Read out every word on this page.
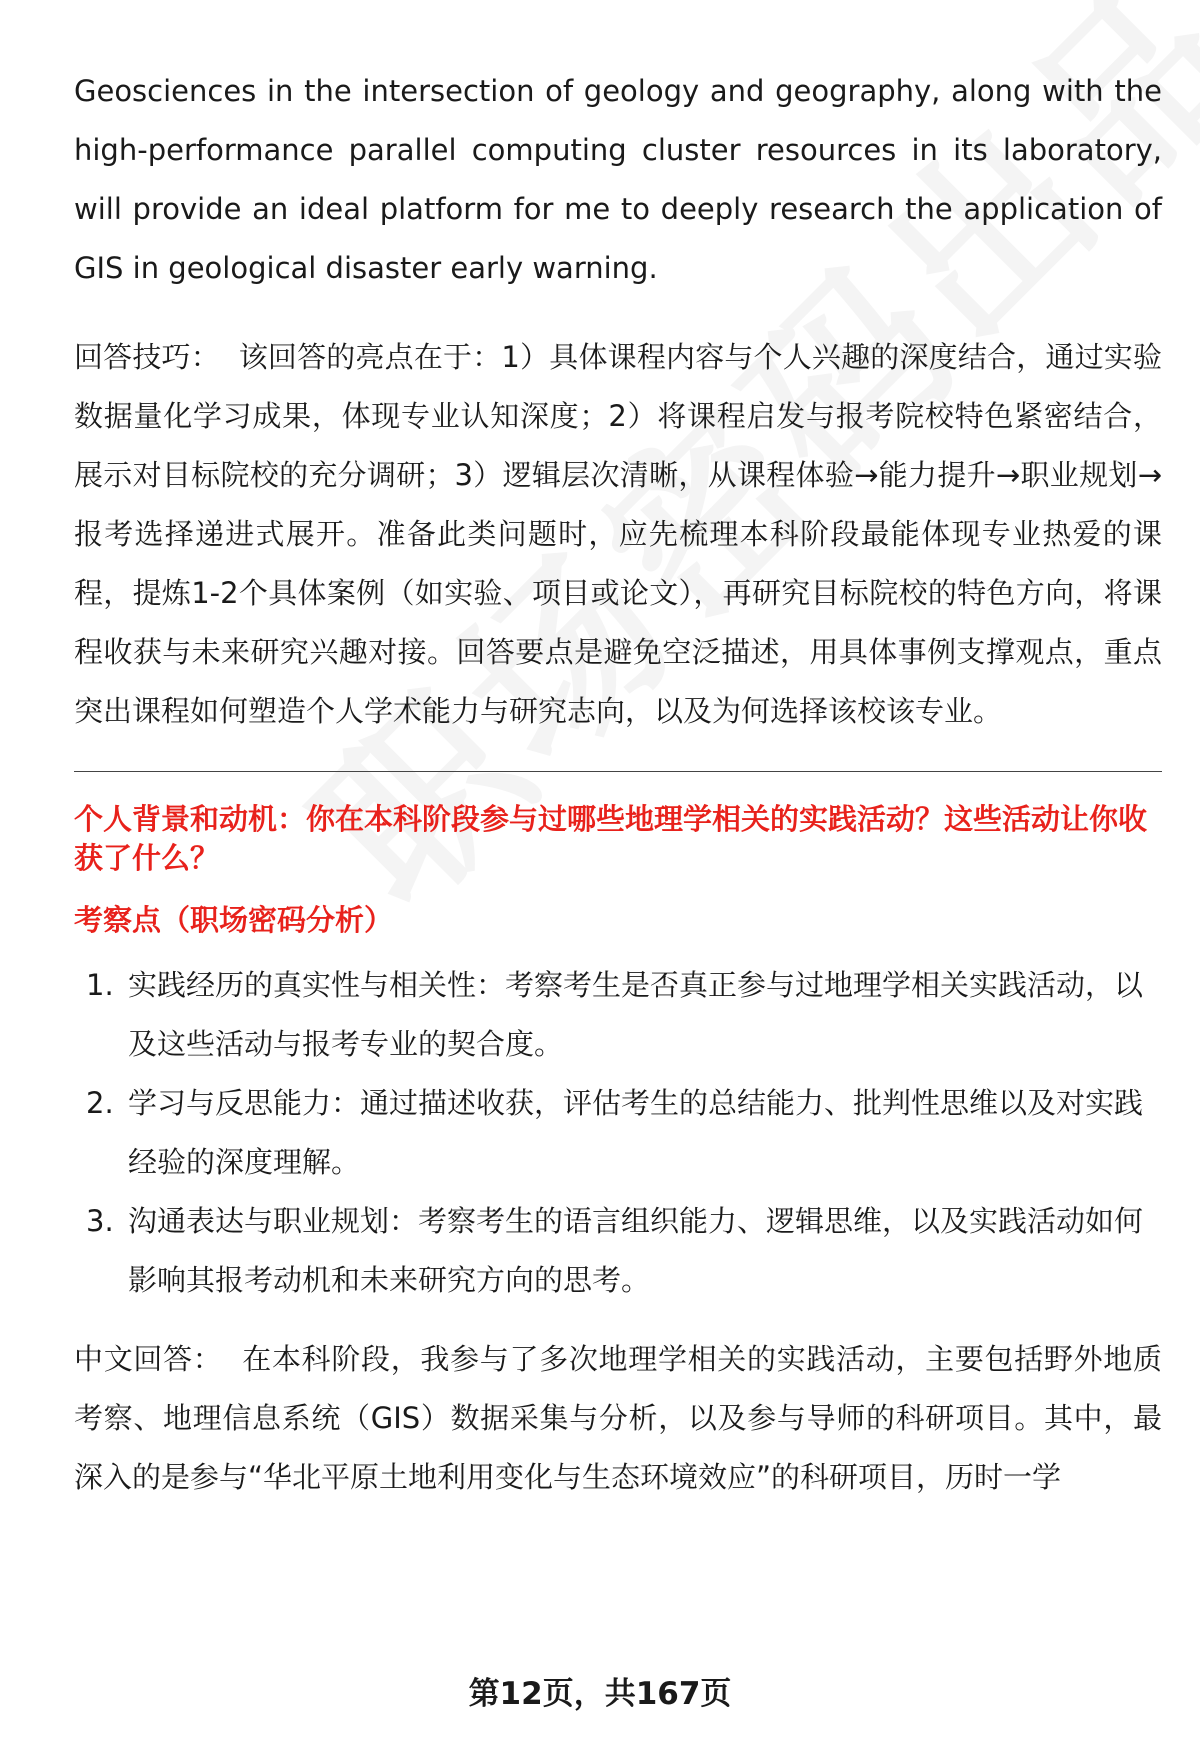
Geosciences in the intersection of geology and geography, along with the high-performance parallel computing cluster resources in its laboratory, will provide an ideal platform for me to deeply research the application of GIS in geological disaster early warning.

回答技巧： 该回答的亮点在于：1）具体课程内容与个人兴趣的深度结合，通过实验数据量化学习成果，体现专业认知深度；2）将课程启发与报考院校特色紧密结合，展示对目标院校的充分调研；3）逻辑层次清晰，从课程体验→能力提升→职业规划→报考选择递进式展开。准备此类问题时，应先梳理本科阶段最能体现专业热爱的课程，提炼1-2个具体案例（如实验、项目或论文），再研究目标院校的特色方向，将课程收获与未来研究兴趣对接。回答要点是避免空泛描述，用具体事例支撑观点，重点突出课程如何塑造个人学术能力与研究志向，以及为何选择该校该专业。

个人背景和动机：你在本科阶段参与过哪些地理学相关的实践活动？这些活动让你收获了什么？

考察点（职场密码分析）
1. 实践经历的真实性与相关性：考察考生是否真正参与过地理学相关实践活动，以及这些活动与报考专业的契合度。
2. 学习与反思能力：通过描述收获，评估考生的总结能力、批判性思维以及对实践经验的深度理解。
3. 沟通表达与职业规划：考察考生的语言组织能力、逻辑思维，以及实践活动如何影响其报考动机和未来研究方向的思考。

中文回答： 在本科阶段，我参与了多次地理学相关的实践活动，主要包括野外地质考察、地理信息系统（GIS）数据采集与分析，以及参与导师的科研项目。其中，最深入的是参与“华北平原土地利用变化与生态环境效应”的科研项目，历时一学

第12页，共167页
